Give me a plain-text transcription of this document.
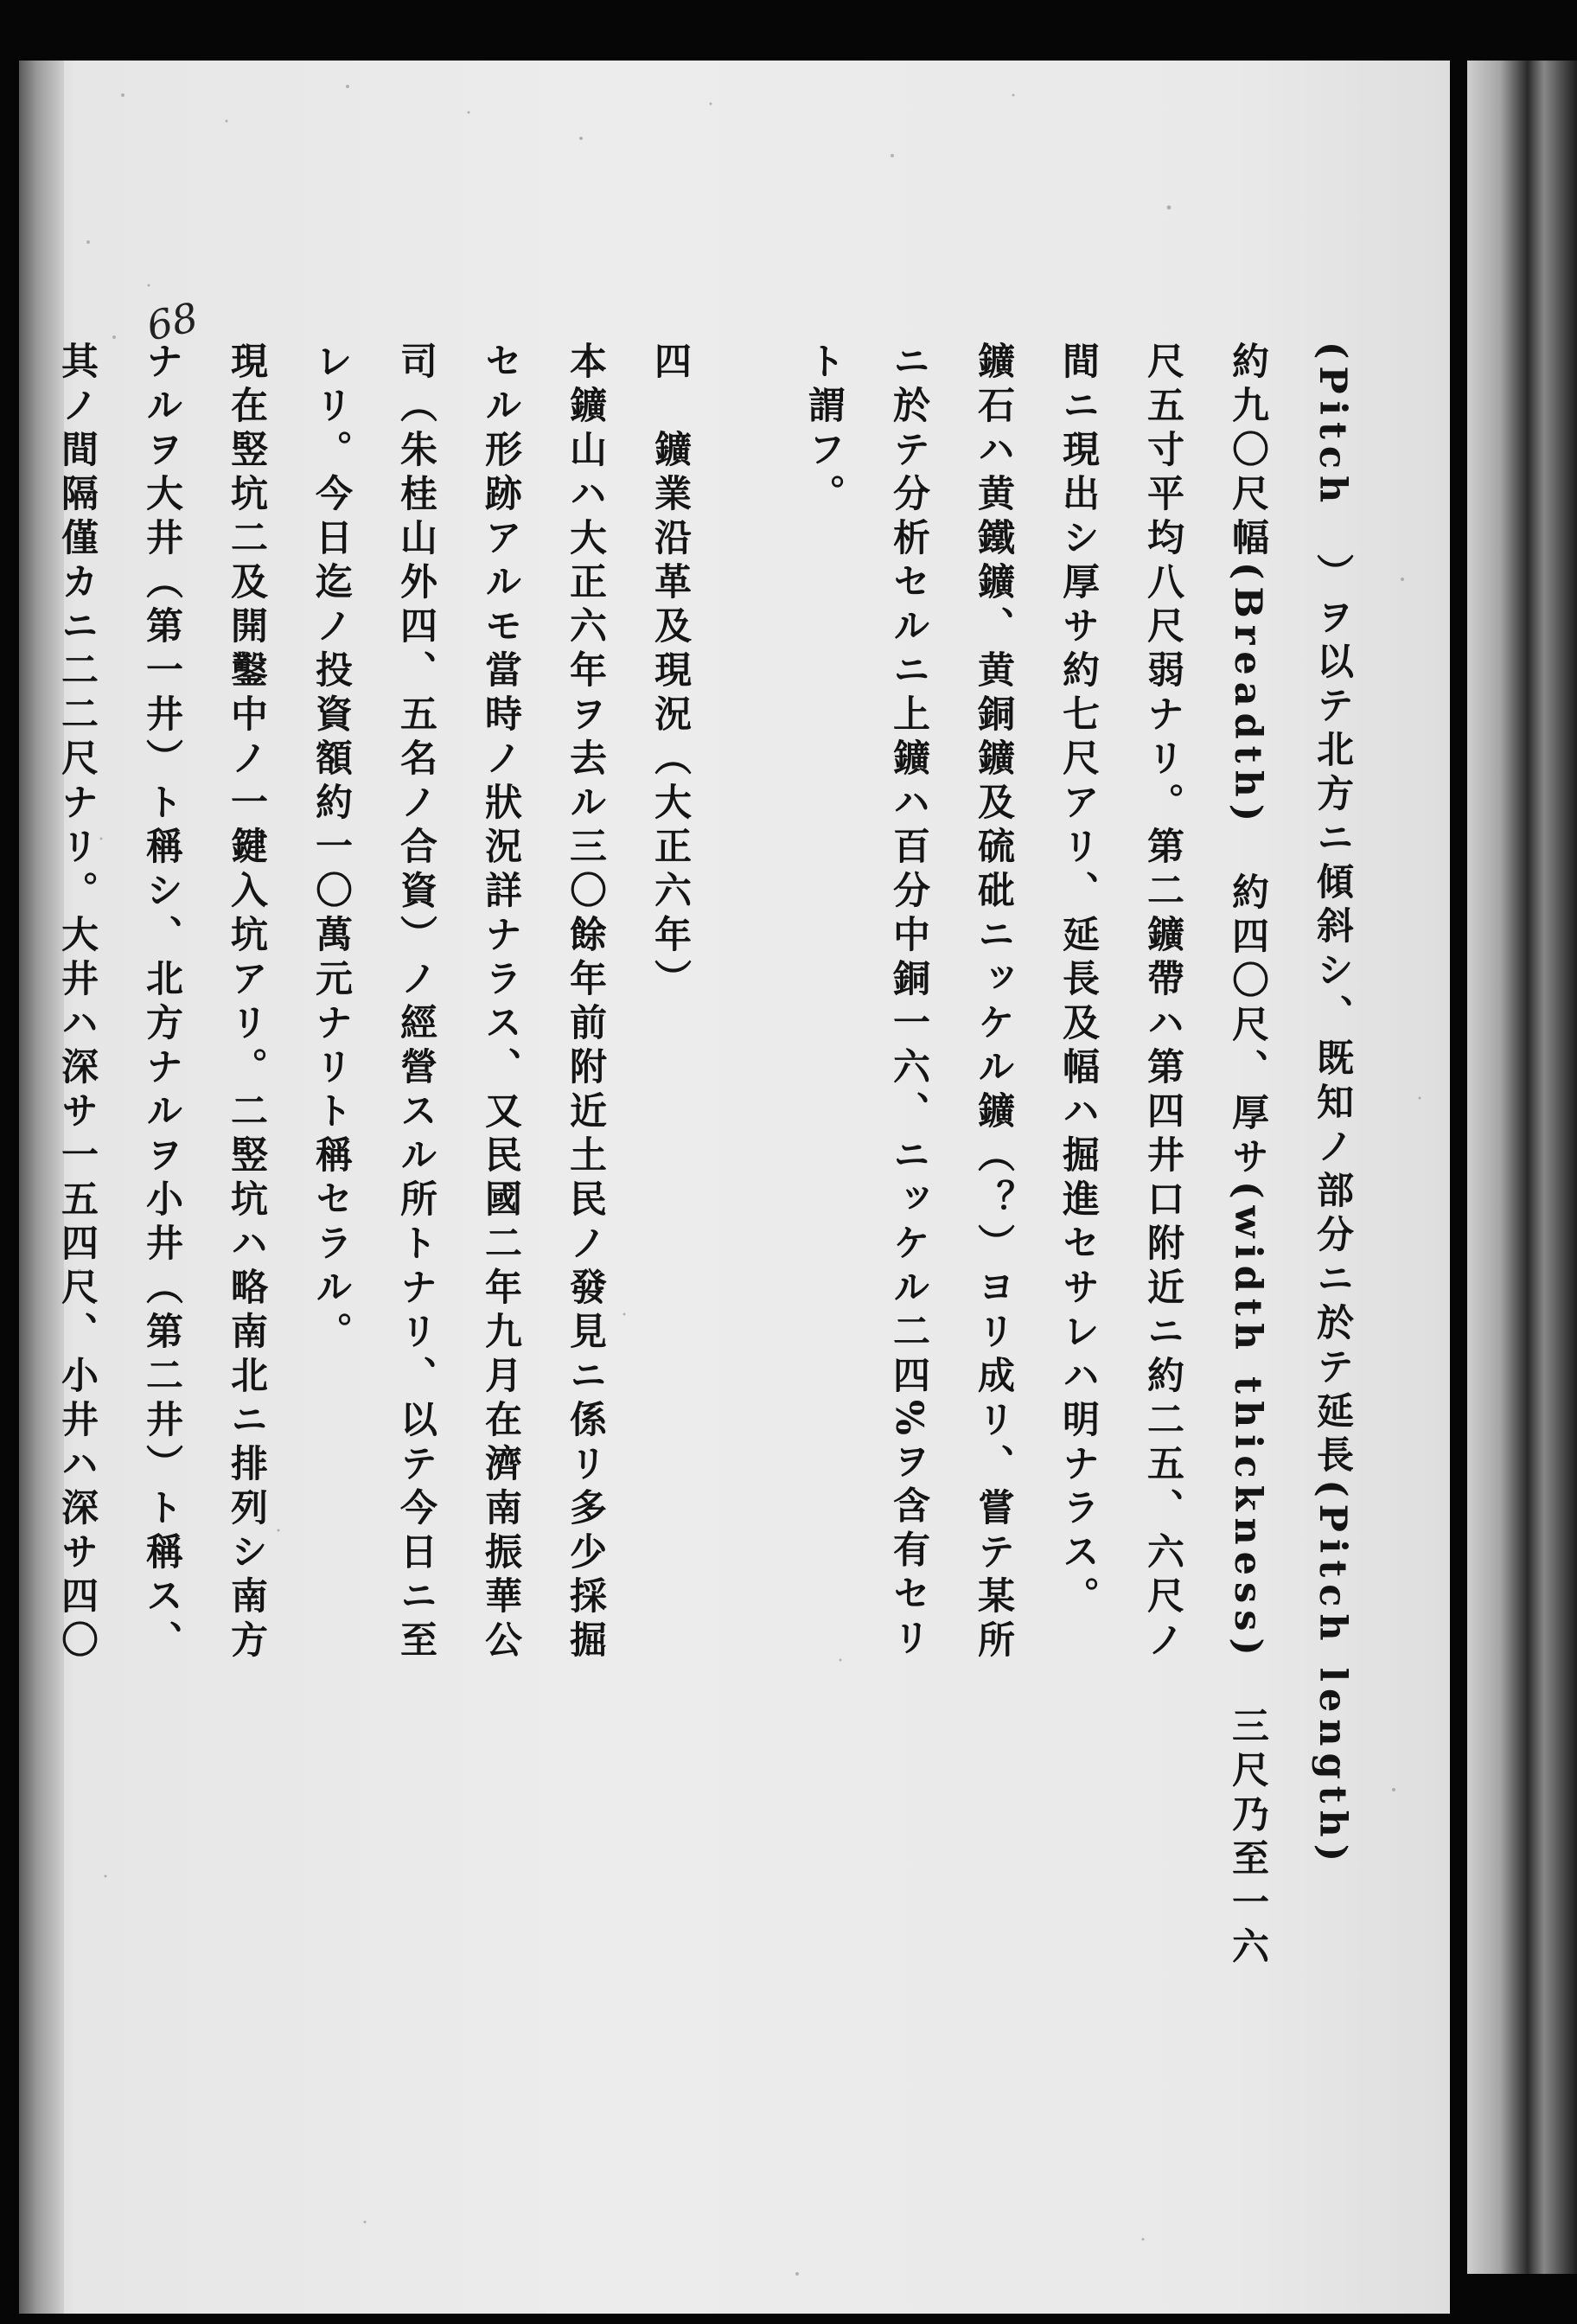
68
(Pitch　）ヲ以テ北方ニ傾斜シ、既知ノ部分ニ於テ延長(Pitch length)
約九〇尺幅(Breadth)　約四〇尺、厚サ(width thickness)　三尺乃至一六
尺五寸平均八尺弱ナリ。第二鑛帶ハ第四井口附近ニ約二五、六尺ノ
間ニ現出シ厚サ約七尺アリ、延長及幅ハ掘進セサレハ明ナラス。
鑛石ハ黄鐵鑛、黄銅鑛及硫砒ニッケル鑛（？）ヨリ成リ、嘗テ某所
ニ於テ分析セルニ上鑛ハ百分中銅一六、ニッケル二四%ヲ含有セリ
ト謂フ。
四　鑛業沿革及現況（大正六年）
本鑛山ハ大正六年ヲ去ル三〇餘年前附近土民ノ發見ニ係リ多少採掘
セル形跡アルモ當時ノ狀況詳ナラス、又民國二年九月在濟南振華公
司（朱桂山外四、五名ノ合資）ノ經營スル所トナリ、以テ今日ニ至
レリ。今日迄ノ投資額約一〇萬元ナリト稱セラル。
現在竪坑二及開鑿中ノ一鍵入坑アリ。二竪坑ハ略南北ニ排列シ南方
ナルヲ大井（第一井）ト稱シ、北方ナルヲ小井（第二井）ト稱ス、
其ノ間隔僅カニ二二尺ナリ。大井ハ深サ一五四尺、小井ハ深サ四〇
